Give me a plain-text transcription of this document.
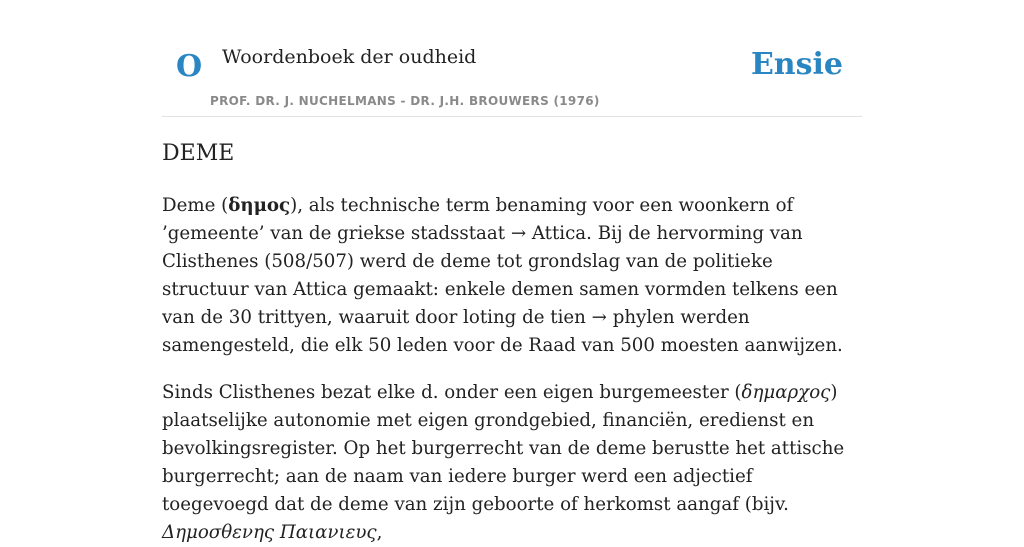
O Woordenboek der oudheid
PROF. DR. J. NUCHELMANS - DR. J.H. BROUWERS (1976)
Ensie
DEME

Deme (δημος), als technische term benaming voor een woonkern of ’gemeente’ van de griekse stadsstaat → Attica. Bij de hervorming van Clisthenes (508/507) werd de deme tot grondslag van de politieke structuur van Attica gemaakt: enkele demen samen vormden telkens een van de 30 trittyen, waaruit door loting de tien → phylen werden samengesteld, die elk 50 leden voor de Raad van 500 moesten aanwijzen.

Sinds Clisthenes bezat elke d. onder een eigen burgemeester (δημαρχος) plaatselijke autonomie met eigen grondgebied, financiën, eredienst en bevolkingsregister. Op het burgerrecht van de deme berustte het attische burgerrecht; aan de naam van iedere burger werd een adjectief toegevoegd dat de deme van zijn geboorte of herkomst aangaf (bijv. Δημοσθενης Παιανιευς,
